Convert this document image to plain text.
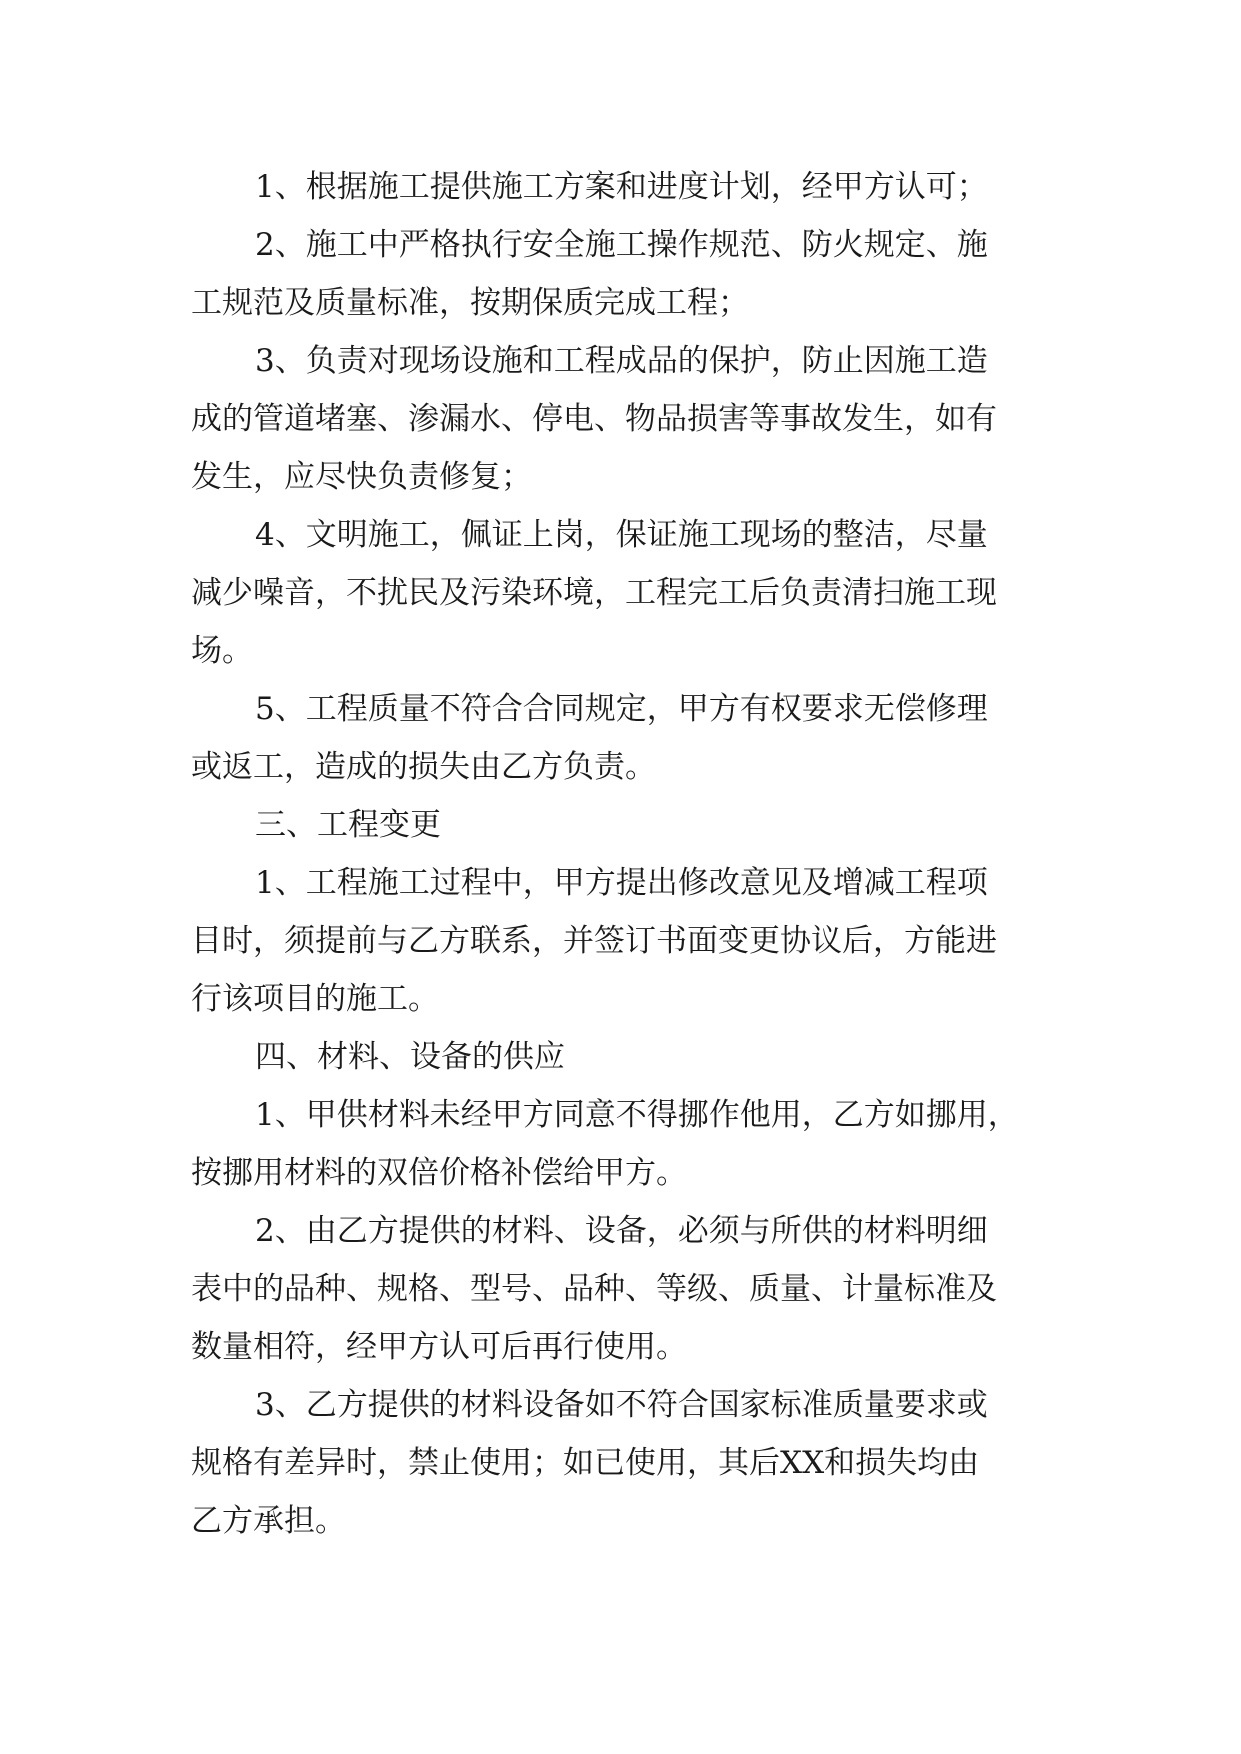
1、根据施工提供施工方案和进度计划，经甲方认可；
2、施工中严格执行安全施工操作规范、防火规定、施
工规范及质量标准，按期保质完成工程；
3、负责对现场设施和工程成品的保护，防止因施工造
成的管道堵塞、渗漏水、停电、物品损害等事故发生，如有
发生，应尽快负责修复；
4、文明施工，佩证上岗，保证施工现场的整洁，尽量
减少噪音，不扰民及污染环境，工程完工后负责清扫施工现
场。
5、工程质量不符合合同规定，甲方有权要求无偿修理
或返工，造成的损失由乙方负责。
三、工程变更
1、工程施工过程中，甲方提出修改意见及增减工程项
目时，须提前与乙方联系，并签订书面变更协议后，方能进
行该项目的施工。
四、材料、设备的供应
1、甲供材料未经甲方同意不得挪作他用，乙方如挪用，
按挪用材料的双倍价格补偿给甲方。
2、由乙方提供的材料、设备，必须与所供的材料明细
表中的品种、规格、型号、品种、等级、质量、计量标准及
数量相符，经甲方认可后再行使用。
3、乙方提供的材料设备如不符合国家标准质量要求或
规格有差异时，禁止使用；如已使用，其后XX和损失均由
乙方承担。
